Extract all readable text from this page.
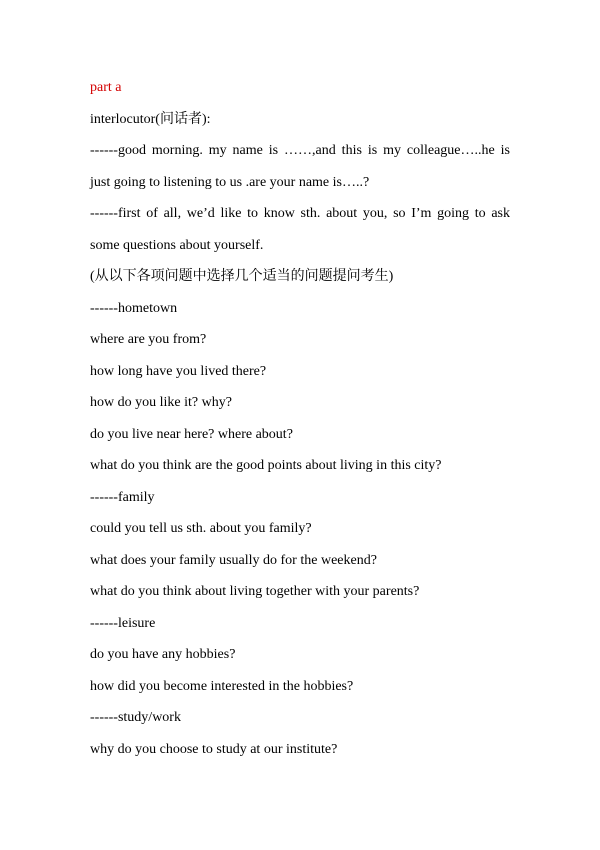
part a
interlocutor(问话者):
------good morning. my name is ……,and this is my colleague…..he is
just going to listening to us .are your name is…..?
------first of all, we’d like to know sth. about you, so I’m going to ask
some questions about yourself.
(从以下各项问题中选择几个适当的问题提问考生)
------hometown
where are you from?
how long have you lived there?
how do you like it? why?
do you live near here? where about?
what do you think are the good points about living in this city?
------family
could you tell us sth. about you family?
what does your family usually do for the weekend?
what do you think about living together with your parents?
------leisure
do you have any hobbies?
how did you become interested in the hobbies?
------study/work
why do you choose to study at our institute?
